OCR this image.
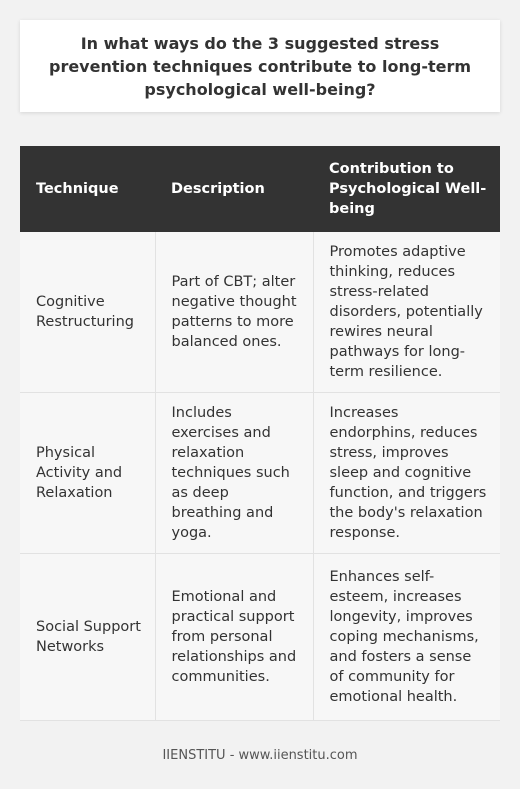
In what ways do the 3 suggested stress prevention techniques contribute to long-term psychological well-being?
Technique	Description	Contribution to Psychological Well-being
Cognitive Restructuring	Part of CBT; alter negative thought patterns to more balanced ones.	Promotes adaptive thinking, reduces stress-related disorders, potentially rewires neural pathways for long-term resilience.
Physical Activity and Relaxation	Includes exercises and relaxation techniques such as deep breathing and yoga.	Increases endorphins, reduces stress, improves sleep and cognitive function, and triggers the body's relaxation response.
Social Support Networks	Emotional and practical support from personal relationships and communities.	Enhances self-esteem, increases longevity, improves coping mechanisms, and fosters a sense of community for emotional health.
IIENSTITU - www.iienstitu.com
